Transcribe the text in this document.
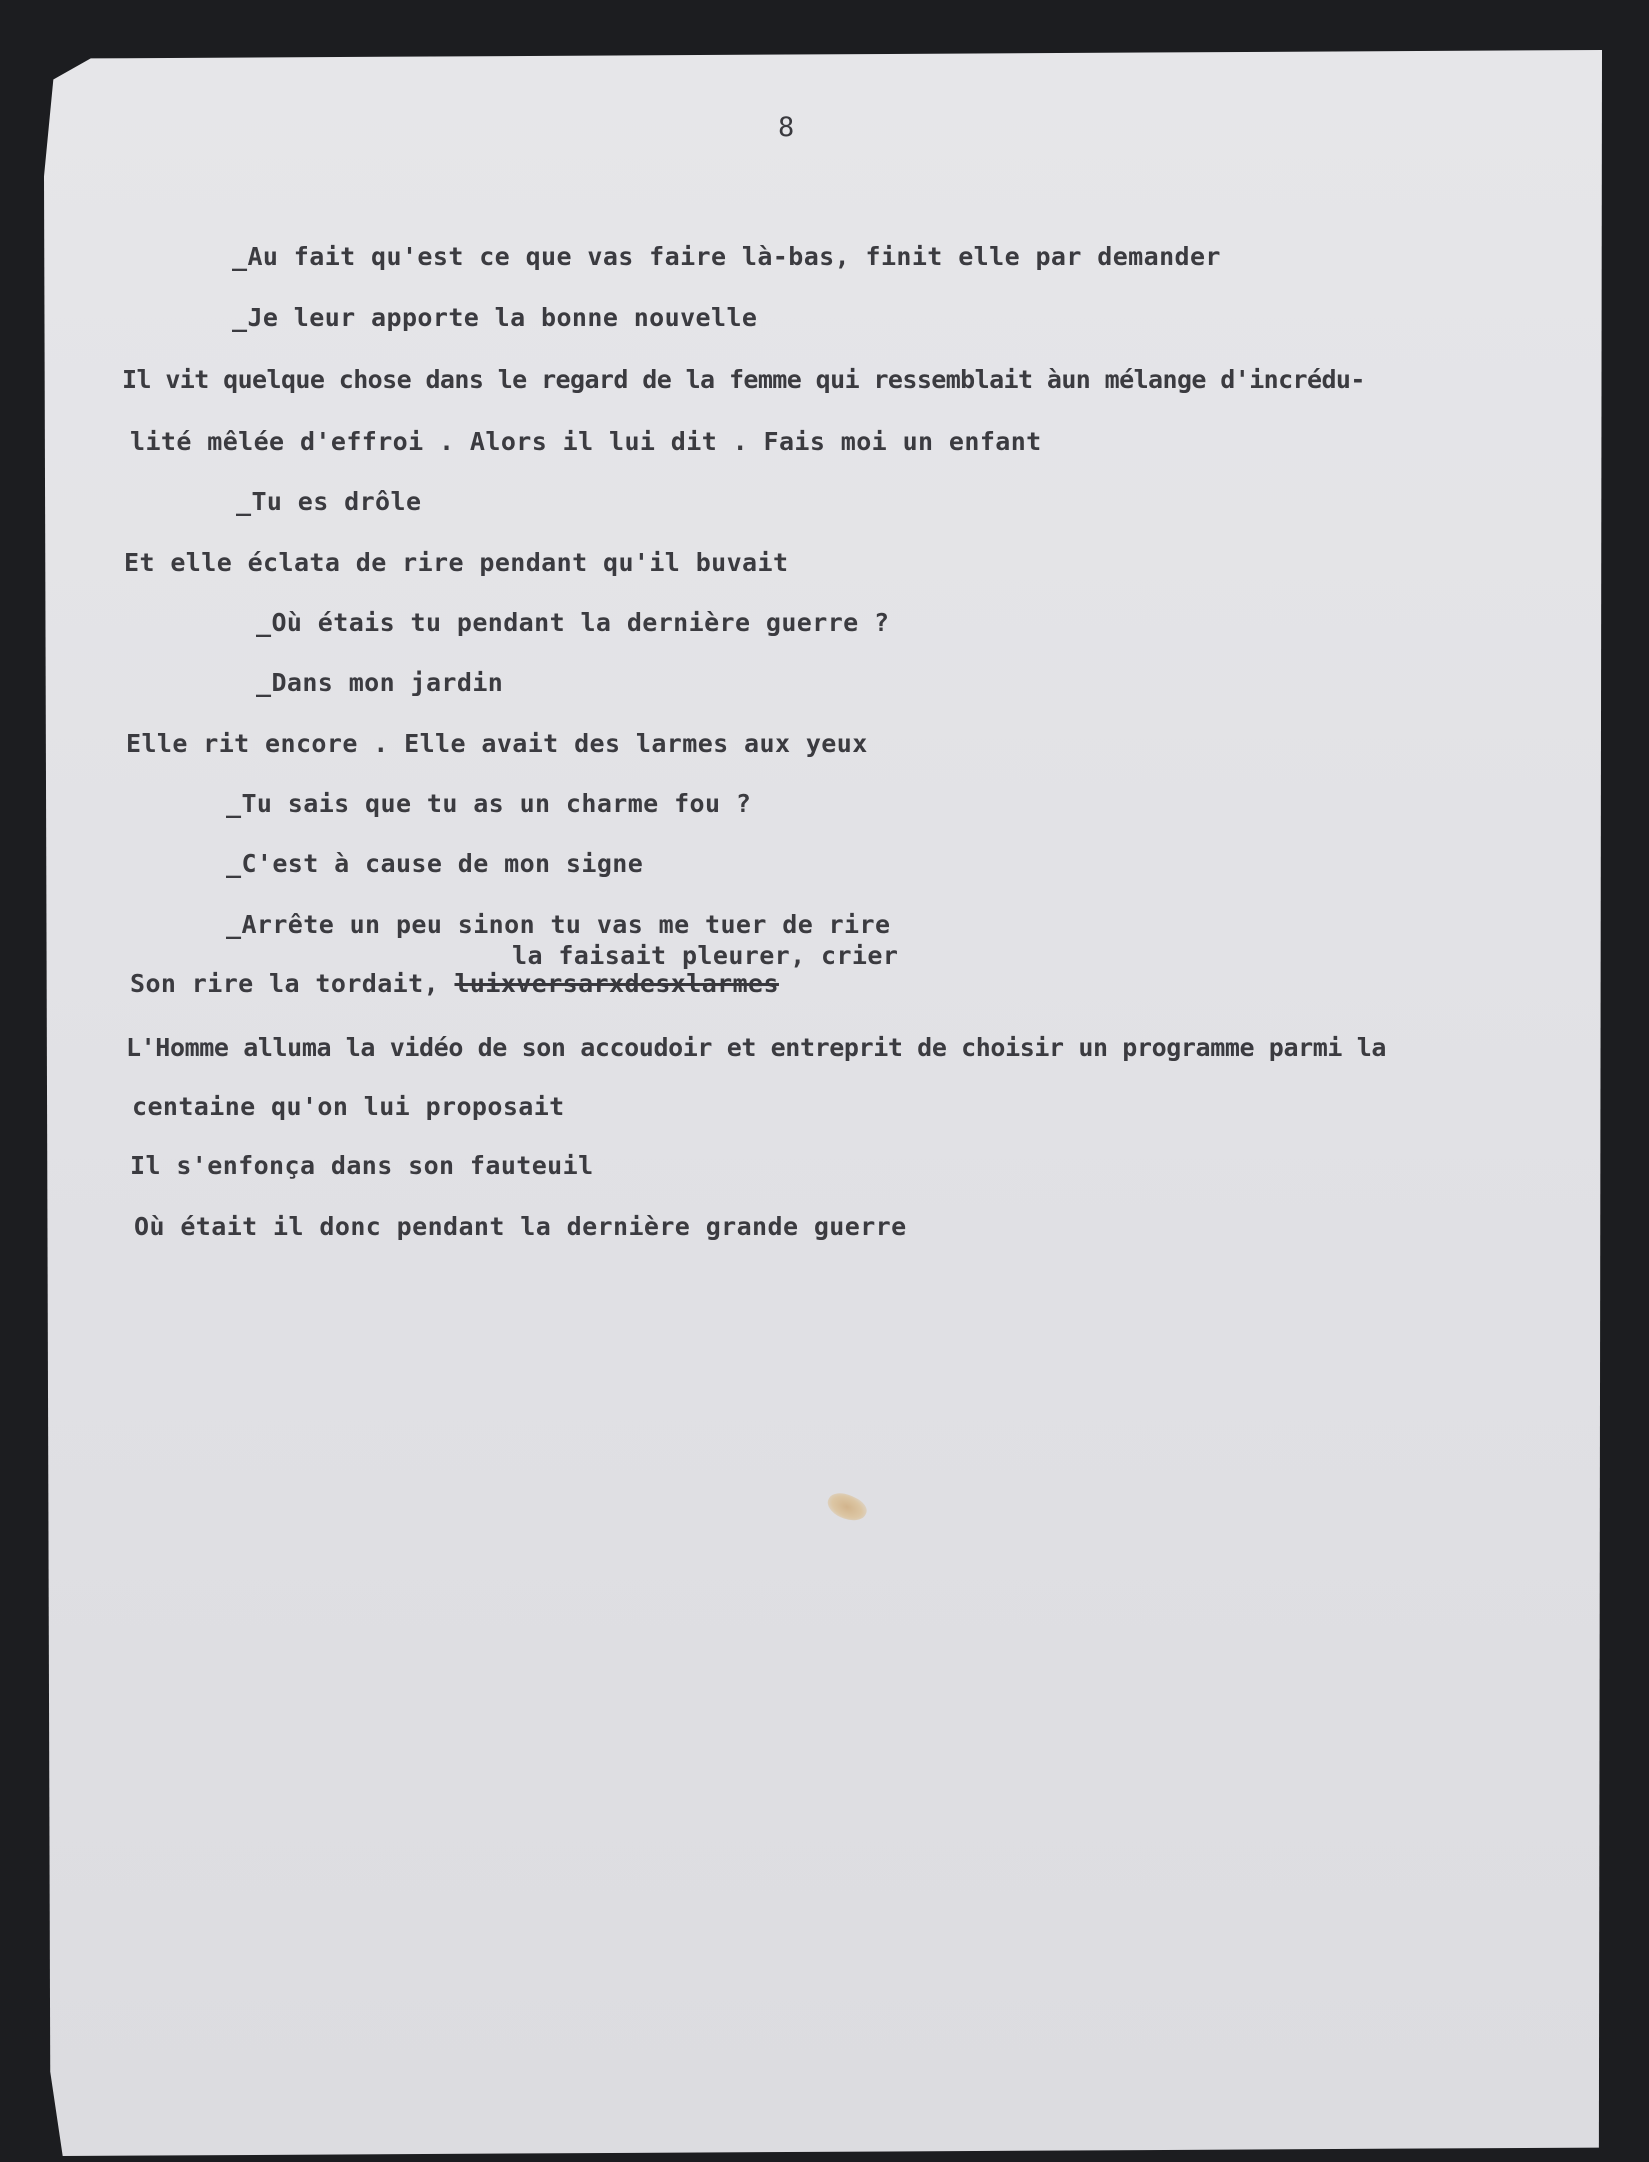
8
_Au fait qu'est ce que vas faire là-bas, finit elle par demander
_Je leur apporte la bonne nouvelle
Il vit quelque chose dans le regard de la femme qui ressemblait àun mélange d'incrédu-
lité mêlée d'effroi . Alors il lui dit . Fais moi un enfant
_Tu es drôle
Et elle éclata de rire pendant qu'il buvait
_Où étais tu pendant la dernière guerre ?
_Dans mon jardin
Elle rit encore . Elle avait des larmes aux yeux
_Tu sais que tu as un charme fou ?
_C'est à cause de mon signe
_Arrête un peu sinon tu vas me tuer de rire
la faisait pleurer, crier
Son rire la tordait, luixversarxdesxlarmes
L'Homme alluma la vidéo de son accoudoir et entreprit de choisir un programme parmi la
centaine qu'on lui proposait
Il s'enfonça dans son fauteuil
Où était il donc pendant la dernière grande guerre
